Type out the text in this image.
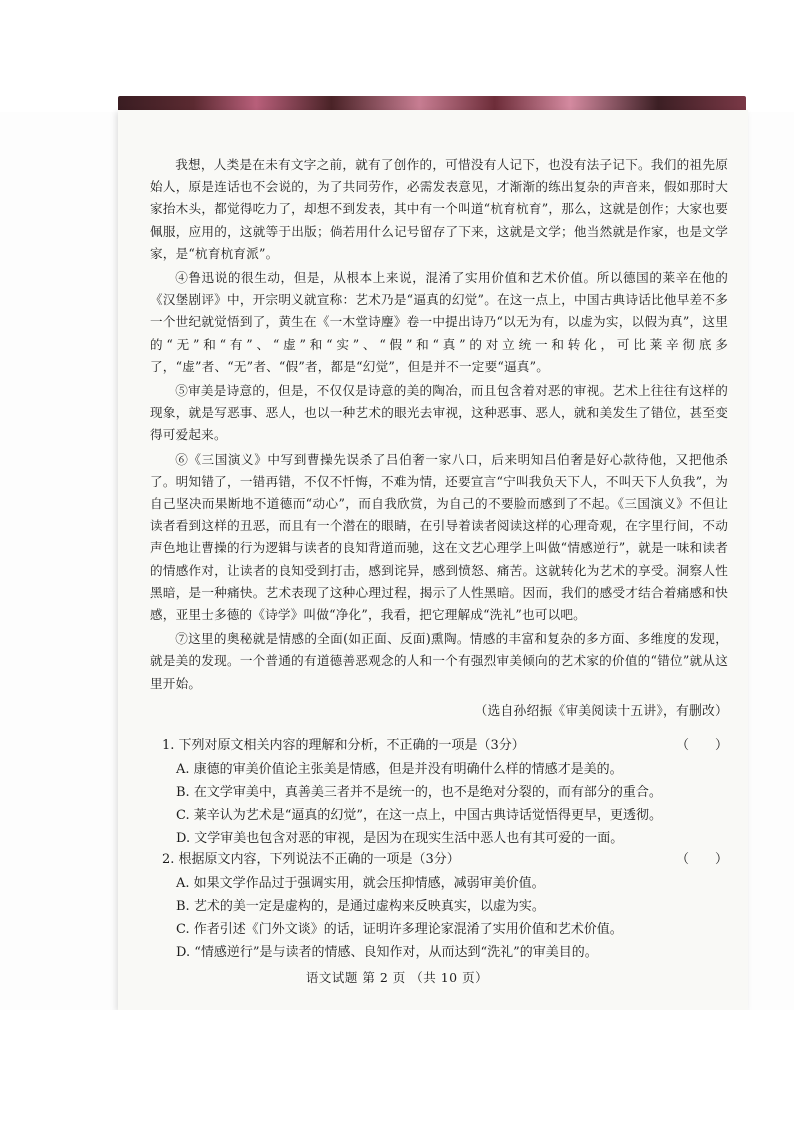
我想，人类是在未有文字之前，就有了创作的，可惜没有人记下，也没有法子记下。我们的祖先原始人，原是连话也不会说的，为了共同劳作，必需发表意见，才渐渐的练出复杂的声音来，假如那时大家抬木头，都觉得吃力了，却想不到发表，其中有一个叫道“杭育杭育”，那么，这就是创作；大家也要佩服，应用的，这就等于出版；倘若用什么记号留存了下来，这就是文学；他当然就是作家，也是文学家，是“杭育杭育派”。

④鲁迅说的很生动，但是，从根本上来说，混淆了实用价值和艺术价值。所以德国的莱辛在他的《汉堡剧评》中，开宗明义就宣称：艺术乃是“逼真的幻觉”。在这一点上，中国古典诗话比他早差不多一个世纪就觉悟到了，黄生在《一木堂诗麈》卷一中提出诗乃“以无为有，以虚为实，以假为真”，这里的“无”和“有”、“虚”和“实”、“假”和“真”的对立统一和转化，可比莱辛彻底多了，“虚”者、“无”者、“假”者，都是“幻觉”，但是并不一定要“逼真”。

⑤审美是诗意的，但是，不仅仅是诗意的美的陶冶，而且包含着对恶的审视。艺术上往往有这样的现象，就是写恶事、恶人，也以一种艺术的眼光去审视，这种恶事、恶人，就和美发生了错位，甚至变得可爱起来。

⑥《三国演义》中写到曹操先误杀了吕伯奢一家八口，后来明知吕伯奢是好心款待他，又把他杀了。明知错了，一错再错，不仅不忏悔，不难为情，还要宣言“宁叫我负天下人，不叫天下人负我”，为自己坚决而果断地不道德而“动心”，而自我欣赏，为自己的不要脸而感到了不起。《三国演义》不但让读者看到这样的丑恶，而且有一个潜在的眼睛，在引导着读者阅读这样的心理奇观，在字里行间，不动声色地让曹操的行为逻辑与读者的良知背道而驰，这在文艺心理学上叫做“情感逆行”，就是一味和读者的情感作对，让读者的良知受到打击，感到诧异，感到愤怒、痛苦。这就转化为艺术的享受。洞察人性黑暗，是一种痛快。艺术表现了这种心理过程，揭示了人性黑暗。因而，我们的感受才结合着痛感和快感，亚里士多德的《诗学》叫做“净化”，我看，把它理解成“洗礼”也可以吧。

⑦这里的奥秘就是情感的全面(如正面、反面)熏陶。情感的丰富和复杂的多方面、多维度的发现，就是美的发现。一个普通的有道德善恶观念的人和一个有强烈审美倾向的艺术家的价值的“错位”就从这里开始。

（选自孙绍振《审美阅读十五讲》，有删改）

1. 下列对原文相关内容的理解和分析，不正确的一项是（3分）	（　　）
A. 康德的审美价值论主张美是情感，但是并没有明确什么样的情感才是美的。
B. 在文学审美中，真善美三者并不是统一的，也不是绝对分裂的，而有部分的重合。
C. 莱辛认为艺术是“逼真的幻觉”，在这一点上，中国古典诗话觉悟得更早，更透彻。
D. 文学审美也包含对恶的审视，是因为在现实生活中恶人也有其可爱的一面。
2. 根据原文内容，下列说法不正确的一项是（3分）	（　　）
A. 如果文学作品过于强调实用，就会压抑情感，减弱审美价值。
B. 艺术的美一定是虚构的，是通过虚构来反映真实，以虚为实。
C. 作者引述《门外文谈》的话，证明许多理论家混淆了实用价值和艺术价值。
D. “情感逆行”是与读者的情感、良知作对，从而达到“洗礼”的审美目的。
语文试题 第 2 页 （共 10 页）
